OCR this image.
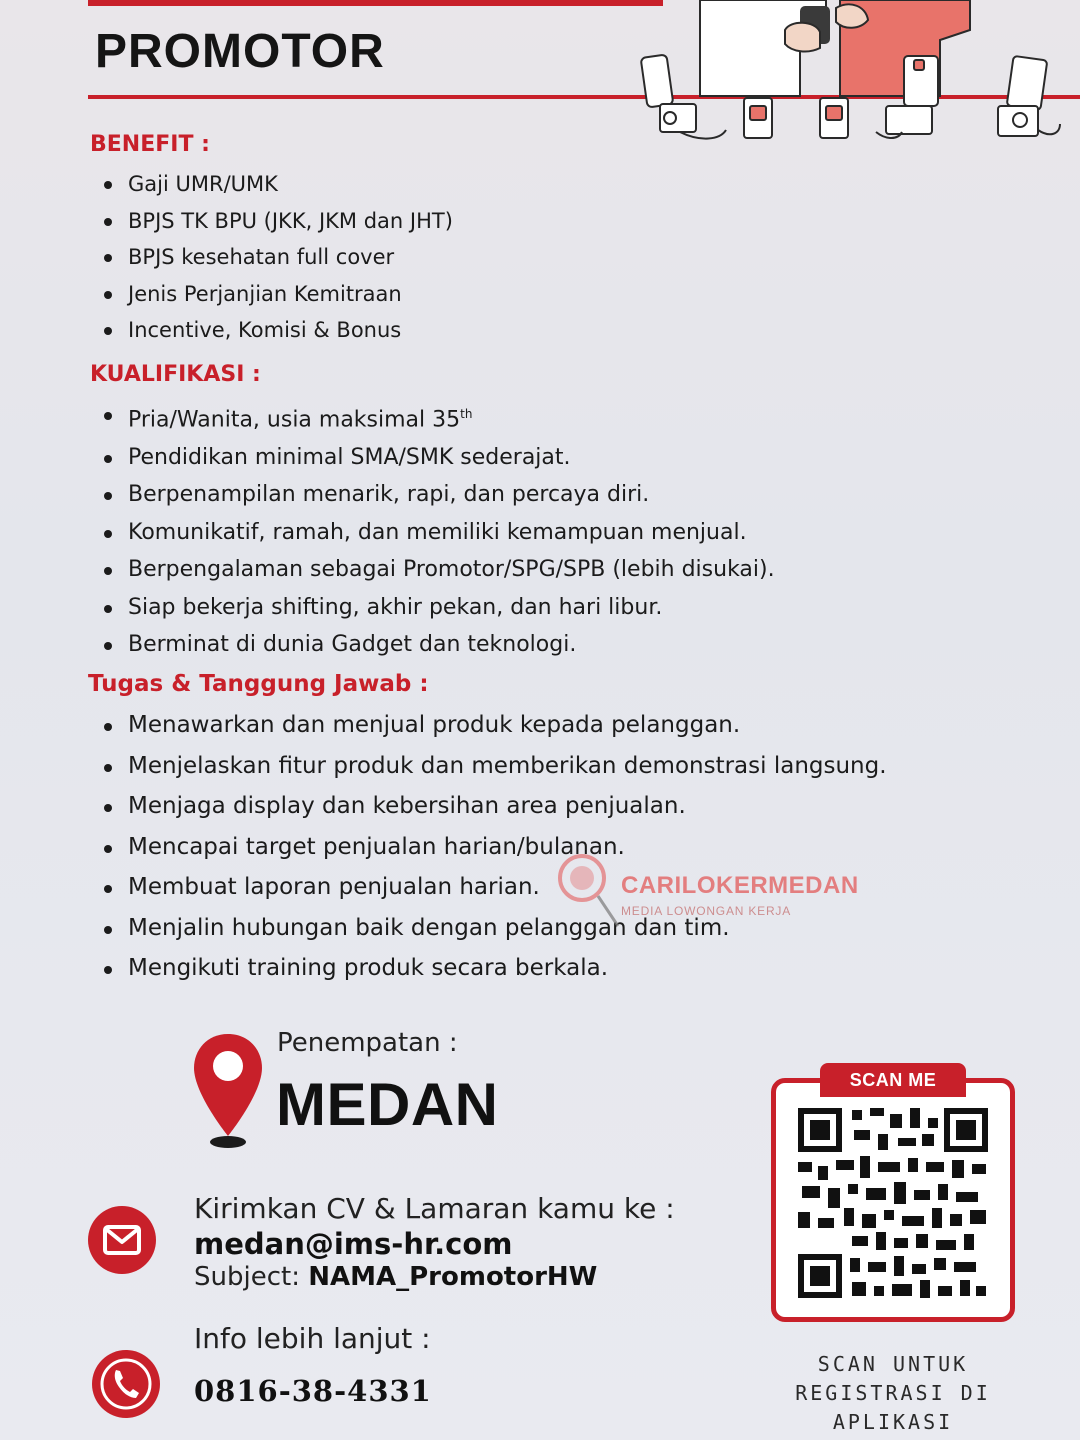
PROMOTOR
BENEFIT :
Gaji UMR/UMK
BPJS TK BPU (JKK, JKM dan JHT)
BPJS kesehatan full cover
Jenis Perjanjian Kemitraan
Incentive, Komisi & Bonus
KUALIFIKASI :
Pria/Wanita, usia maksimal 35th
Pendidikan minimal SMA/SMK sederajat.
Berpenampilan menarik, rapi, dan percaya diri.
Komunikatif, ramah, dan memiliki kemampuan menjual.
Berpengalaman sebagai Promotor/SPG/SPB (lebih disukai).
Siap bekerja shifting, akhir pekan, dan hari libur.
Berminat di dunia Gadget dan teknologi.
Tugas & Tanggung Jawab :
Menawarkan dan menjual produk kepada pelanggan.
Menjelaskan fitur produk dan memberikan demonstrasi langsung.
Menjaga display dan kebersihan area penjualan.
Mencapai target penjualan harian/bulanan.
Membuat laporan penjualan harian.
Menjalin hubungan baik dengan pelanggan dan tim.
Mengikuti training produk secara berkala.
CARILOKERMEDAN
MEDIA LOWONGAN KERJA
Penempatan :
MEDAN
Kirimkan CV & Lamaran kamu ke :
medan@ims-hr.com
Subject: NAMA_PromotorHW
Info lebih lanjut :
0816-38-4331
SCAN ME
SCAN UNTUK
REGISTRASI DI
APLIKASI
